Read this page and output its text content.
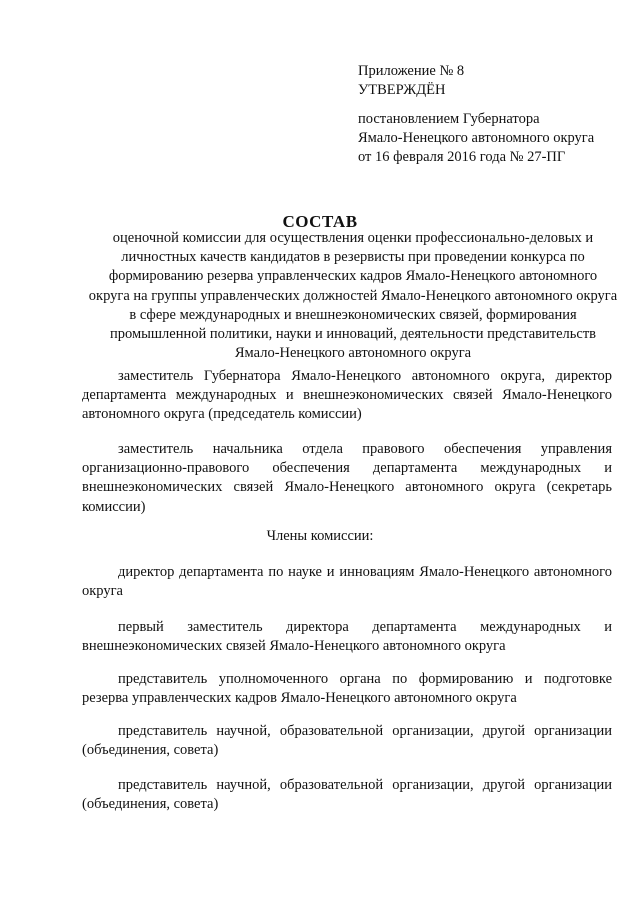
Приложение № 8
УТВЕРЖДЁН
постановлением Губернатора
Ямало-Ненецкого автономного округа
от 16 февраля 2016 года № 27-ПГ
СОСТАВ
оценочной комиссии для осуществления оценки профессионально-деловых и личностных качеств кандидатов в резервисты при проведении конкурса по формированию резерва управленческих кадров Ямало-Ненецкого автономного округа на группы управленческих должностей Ямало-Ненецкого автономного округа в сфере международных и внешнеэкономических связей, формирования промышленной политики, науки и инноваций, деятельности представительств Ямало-Ненецкого автономного округа
заместитель Губернатора Ямало-Ненецкого автономного округа, директор департамента международных и внешнеэкономических связей Ямало-Ненецкого автономного округа (председатель комиссии)
заместитель начальника отдела правового обеспечения управления организационно-правового обеспечения департамента международных и внешнеэкономических связей Ямало-Ненецкого автономного округа (секретарь комиссии)
Члены комиссии:
директор департамента по науке и инновациям Ямало-Ненецкого автономного округа
первый заместитель директора департамента международных и внешнеэкономических связей Ямало-Ненецкого автономного округа
представитель уполномоченного органа по формированию и подготовке резерва управленческих кадров Ямало-Ненецкого автономного округа
представитель научной, образовательной организации, другой организации (объединения, совета)
представитель научной, образовательной организации, другой организации (объединения, совета)
